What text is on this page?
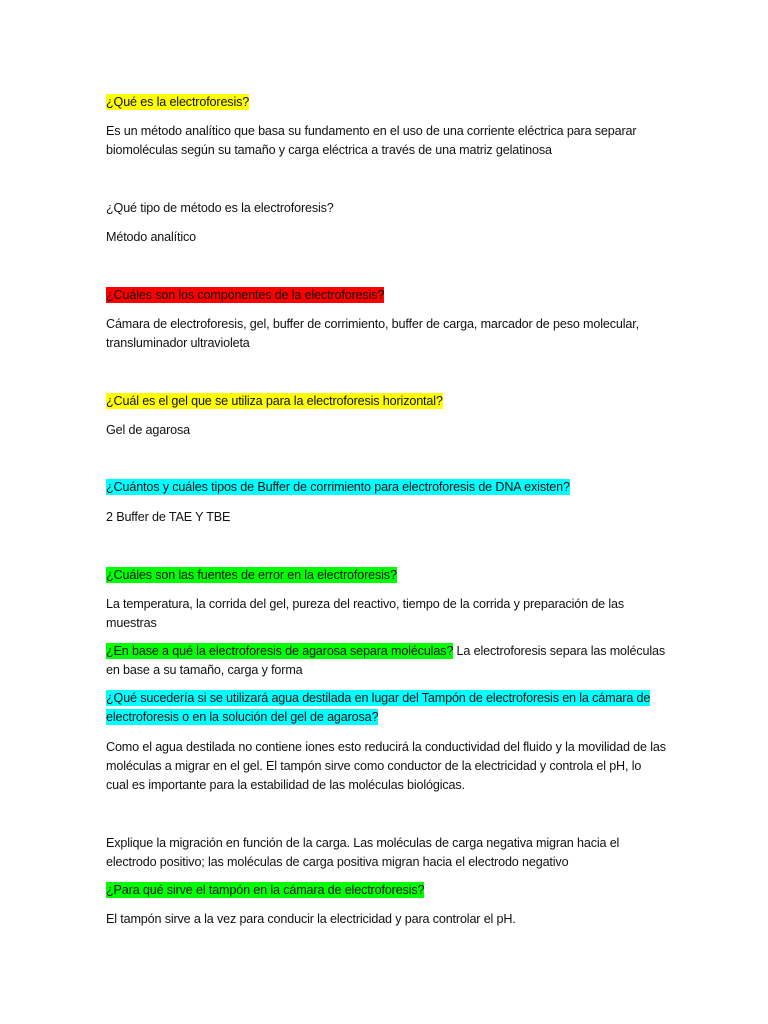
¿Qué es la electroforesis?
Es un método analítico que basa su fundamento en el uso de una corriente eléctrica para separar biomoléculas según su tamaño y carga eléctrica a través de una matriz gelatinosa
¿Qué tipo de método es la electroforesis?
Método analítico
¿Cuáles son los componentes de la electroforesis?
Cámara de electroforesis, gel, buffer de corrimiento, buffer de carga, marcador de peso molecular, transluminador ultravioleta
¿Cuál es el gel que se utiliza para la electroforesis horizontal?
Gel de agarosa
¿Cuántos y cuáles tipos de Buffer de corrimiento para electroforesis de DNA existen?
2 Buffer de TAE Y TBE
¿Cuáles son las fuentes de error en la electroforesis?
La temperatura, la corrida del gel, pureza del reactivo, tiempo de la corrida y preparación de las muestras
¿En base a qué la electroforesis de agarosa separa moléculas? La electroforesis separa las moléculas en base a su tamaño, carga y forma
¿Qué sucedería si se utilizará agua destilada en lugar del Tampón de electroforesis en la cámara de electroforesis o en la solución del gel de agarosa?
Como el agua destilada no contiene iones esto reducirá la conductividad del fluido y la movilidad de las moléculas a migrar en el gel. El tampón sirve como conductor de la electricidad y controla el pH, lo cual es importante para la estabilidad de las moléculas biológicas.
Explique la migración en función de la carga. Las moléculas de carga negativa migran hacia el electrodo positivo; las moléculas de carga positiva migran hacia el electrodo negativo
¿Para qué sirve el tampón en la cámara de electroforesis?
El tampón sirve a la vez para conducir la electricidad y para controlar el pH.
